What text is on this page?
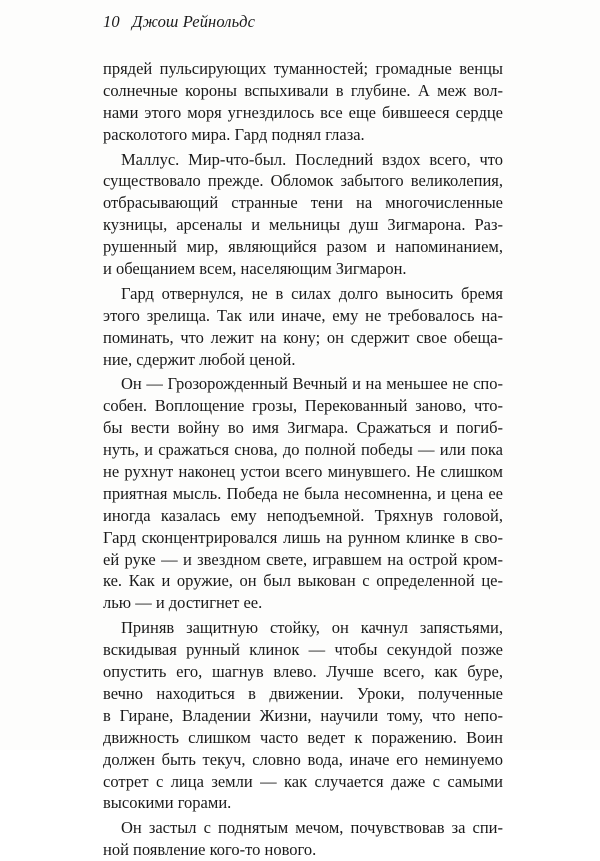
10 Джош Рейнольдс
прядей пульсирующих туманностей; громадные венцы
солнечные короны вспыхивали в глубине. А меж вол-
нами этого моря угнездилось все еще бившееся сердце
расколотого мира. Гард поднял глаза.
Маллус. Мир-что-был. Последний вздох всего, что
существовало прежде. Обломок забытого великолепия,
отбрасывающий странные тени на многочисленные
кузницы, арсеналы и мельницы душ Зигмарона. Раз-
рушенный мир, являющийся разом и напоминанием,
и обещанием всем, населяющим Зигмарон.
Гард отвернулся, не в силах долго выносить бремя
этого зрелища. Так или иначе, ему не требовалось на-
поминать, что лежит на кону; он сдержит свое обеща-
ние, сдержит любой ценой.
Он — Грозорожденный Вечный и на меньшее не спо-
собен. Воплощение грозы, Перекованный заново, что-
бы вести войну во имя Зигмара. Сражаться и погиб-
нуть, и сражаться снова, до полной победы — или пока
не рухнут наконец устои всего минувшего. Не слишком
приятная мысль. Победа не была несомненна, и цена ее
иногда казалась ему неподъемной. Тряхнув головой,
Гард сконцентрировался лишь на рунном клинке в сво-
ей руке — и звездном свете, игравшем на острой кром-
ке. Как и оружие, он был выкован с определенной це-
лью — и достигнет ее.
Приняв защитную стойку, он качнул запястьями,
вскидывая рунный клинок — чтобы секундой позже
опустить его, шагнув влево. Лучше всего, как буре,
вечно находиться в движении. Уроки, полученные
в Гиране, Владении Жизни, научили тому, что непо-
движность слишком часто ведет к поражению. Воин
должен быть текуч, словно вода, иначе его неминуемо
сотрет с лица земли — как случается даже с самыми
высокими горами.
Он застыл с поднятым мечом, почувствовав за спи-
ной появление кого-то нового.
